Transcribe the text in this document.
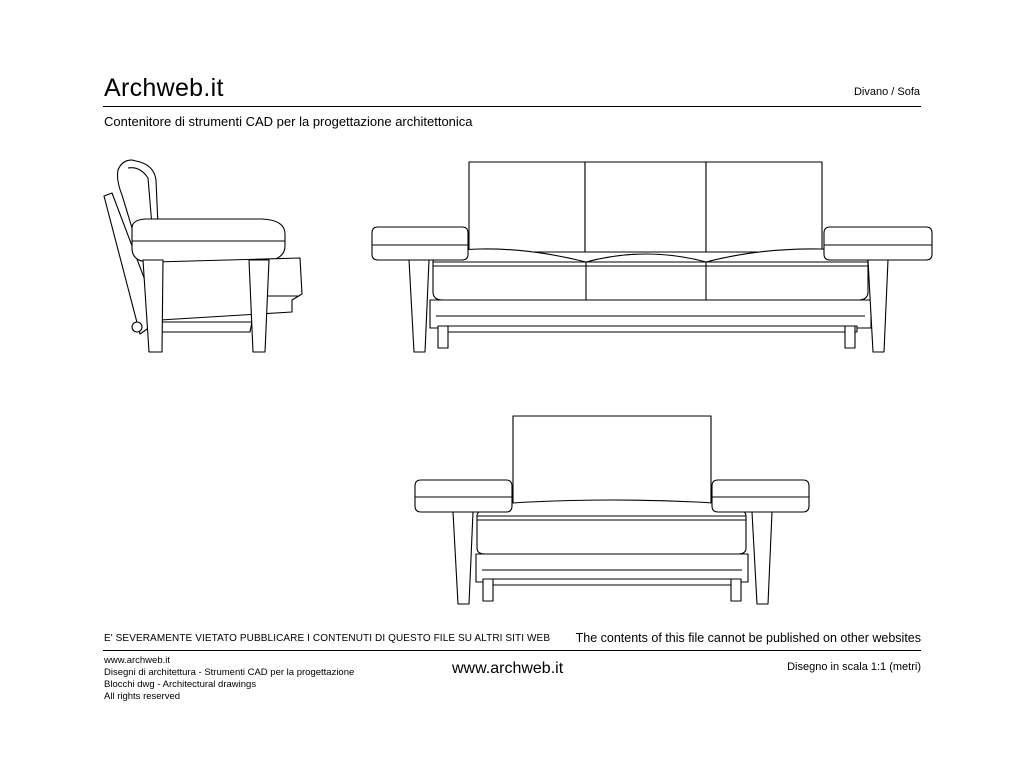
Archweb.it	Divano / Sofa
Contenitore di strumenti CAD per la progettazione architettonica
E' SEVERAMENTE VIETATO PUBBLICARE I CONTENUTI DI QUESTO FILE SU ALTRI SITI WEB The contents of this file cannot be published on other websites
www.archweb.it
Disegni di architettura - Strumenti CAD per la progettazione
Blocchi dwg - Architectural drawings
All rights reserved
www.archweb.it	Disegno in scala 1:1 (metri)
